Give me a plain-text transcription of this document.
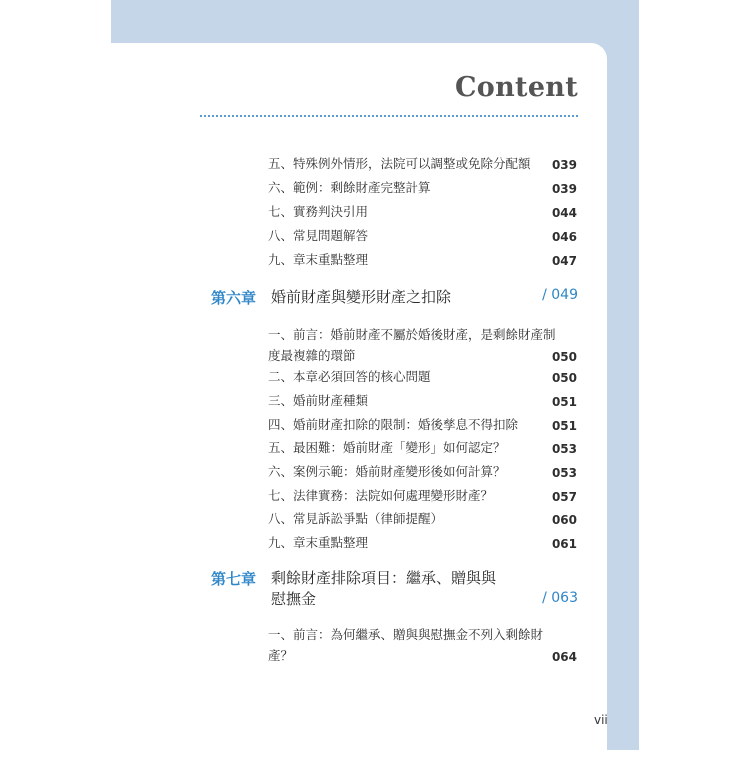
Content
五、特殊例外情形，法院可以調整或免除分配額 039
六、範例：剩餘財產完整計算	039
七、實務判決引用	044
八、常見問題解答	046
九、章末重點整理	047
第六章 婚前財產與變形財產之扣除	/ 049
一、前言：婚前財產不屬於婚後財產，是剩餘財產制度最複雜的環節	050
二、本章必須回答的核心問題	050
三、婚前財產種類	051
四、婚前財產扣除的限制：婚後孳息不得扣除	051
五、最困難：婚前財產「變形」如何認定？	053
六、案例示範：婚前財產變形後如何計算？	053
七、法律實務：法院如何處理變形財產？	057
八、常見訴訟爭點（律師提醒）	060
九、章末重點整理	061
第七章 剩餘財產排除項目：繼承、贈與與慰撫金	/ 063
一、前言：為何繼承、贈與與慰撫金不列入剩餘財產？	064
vii
